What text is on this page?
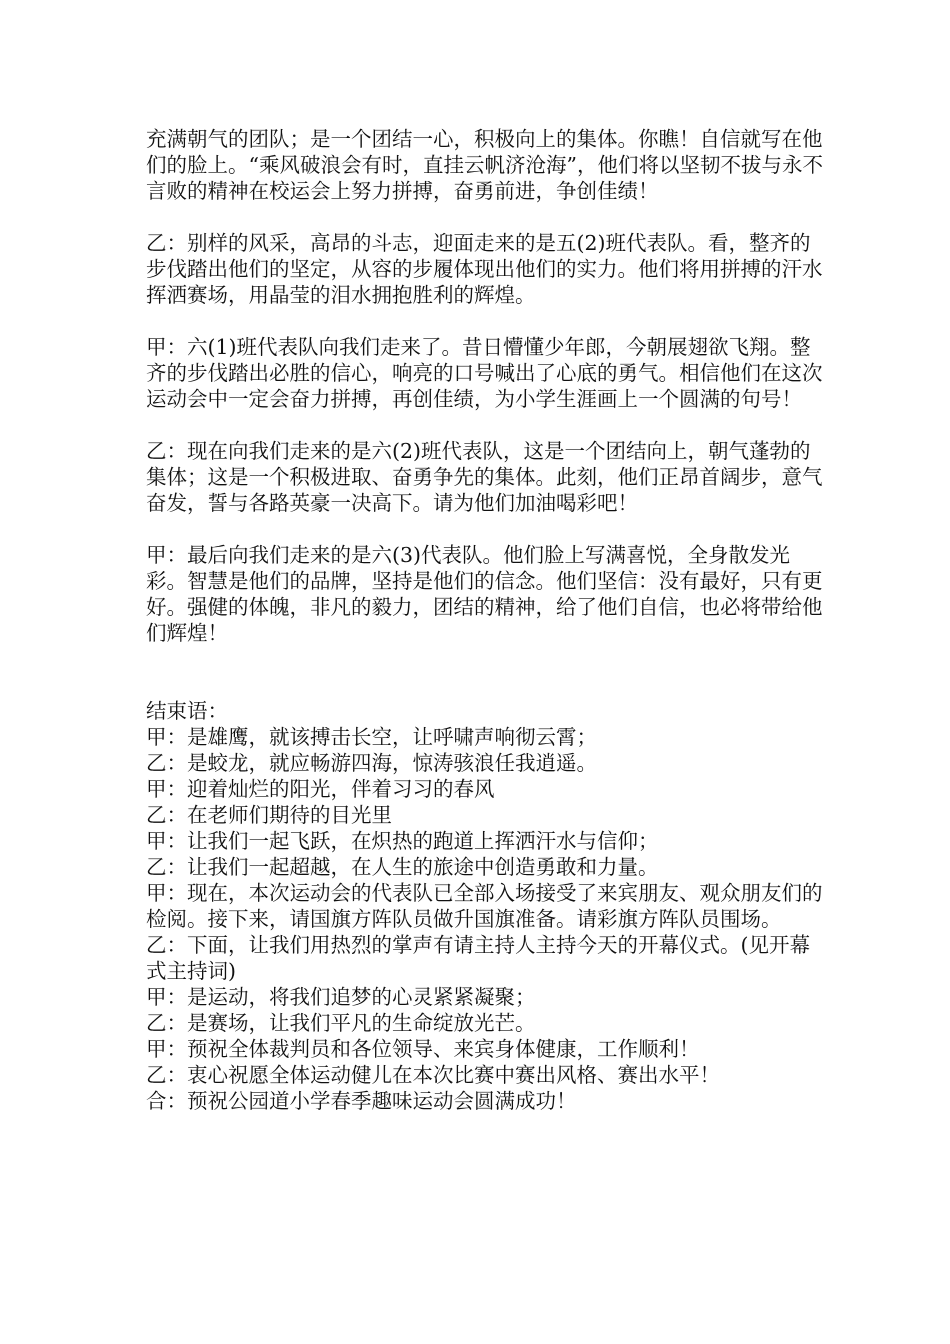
充满朝气的团队；是一个团结一心，积极向上的集体。你瞧！自信就写在他们的脸上。“乘风破浪会有时，直挂云帆济沧海”，他们将以坚韧不拔与永不言败的精神在校运会上努力拼搏，奋勇前进，争创佳绩！

乙：别样的风采，高昂的斗志，迎面走来的是五(2)班代表队。看，整齐的步伐踏出他们的坚定，从容的步履体现出他们的实力。他们将用拼搏的汗水挥洒赛场，用晶莹的泪水拥抱胜利的辉煌。

甲：六(1)班代表队向我们走来了。昔日懵懂少年郎，今朝展翅欲飞翔。整齐的步伐踏出必胜的信心，响亮的口号喊出了心底的勇气。相信他们在这次运动会中一定会奋力拼搏，再创佳绩，为小学生涯画上一个圆满的句号！

乙：现在向我们走来的是六(2)班代表队，这是一个团结向上，朝气蓬勃的集体；这是一个积极进取、奋勇争先的集体。此刻，他们正昂首阔步，意气奋发，誓与各路英豪一决高下。请为他们加油喝彩吧！

甲：最后向我们走来的是六(3)代表队。他们脸上写满喜悦，全身散发光彩。智慧是他们的品牌，坚持是他们的信念。他们坚信：没有最好，只有更好。强健的体魄，非凡的毅力，团结的精神，给了他们自信，也必将带给他们辉煌！

结束语：

甲：是雄鹰，就该搏击长空，让呼啸声响彻云霄；

乙：是蛟龙，就应畅游四海，惊涛骇浪任我逍遥。

甲：迎着灿烂的阳光，伴着习习的春风

乙：在老师们期待的目光里

甲：让我们一起飞跃，在炽热的跑道上挥洒汗水与信仰；

乙：让我们一起超越，在人生的旅途中创造勇敢和力量。

甲：现在，本次运动会的代表队已全部入场接受了来宾朋友、观众朋友们的检阅。接下来，请国旗方阵队员做升国旗准备。请彩旗方阵队员围场。

乙：下面，让我们用热烈的掌声有请主持人主持今天的开幕仪式。(见开幕式主持词)

甲：是运动，将我们追梦的心灵紧紧凝聚；

乙：是赛场，让我们平凡的生命绽放光芒。

甲：预祝全体裁判员和各位领导、来宾身体健康，工作顺利！

乙：衷心祝愿全体运动健儿在本次比赛中赛出风格、赛出水平！

合：预祝公园道小学春季趣味运动会圆满成功！
